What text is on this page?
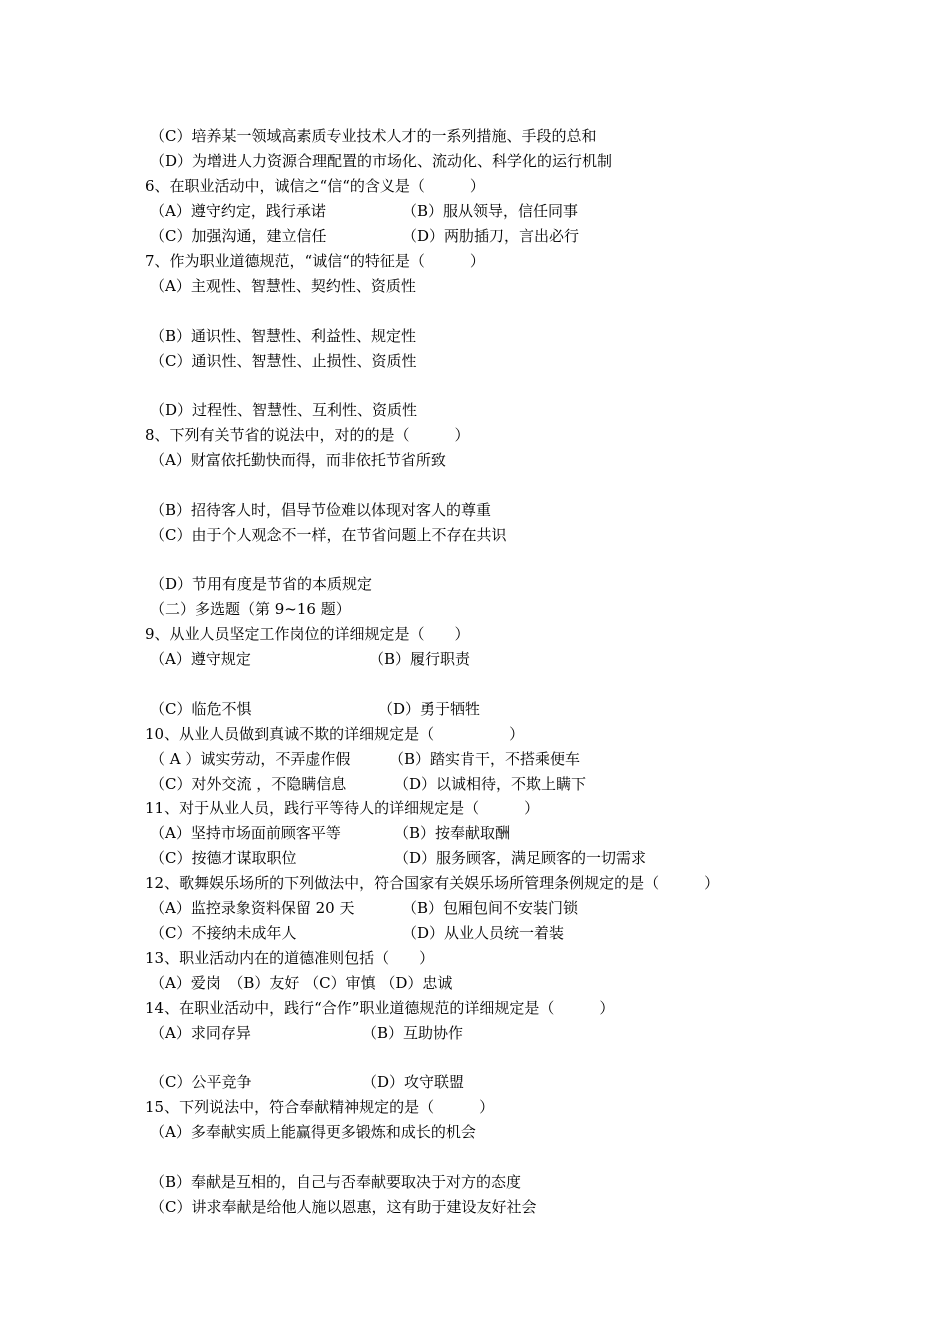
（C）培养某一领域高素质专业技术人才的一系列措施、手段的总和
（D）为增进人力资源合理配置的市场化、流动化、科学化的运行机制
6、在职业活动中，诚信之“信“的含义是（　　　）
（A）遵守约定，践行承诺	（B）服从领导，信任同事
（C）加强沟通，建立信任	（D）两肋插刀，言出必行
7、作为职业道德规范，“诚信“的特征是（　　　）
（A）主观性、智慧性、契约性、资质性
（B）通识性、智慧性、利益性、规定性
（C）通识性、智慧性、止损性、资质性
（D）过程性、智慧性、互利性、资质性
8、下列有关节省的说法中，对的的是（　　　）
（A）财富依托勤快而得，而非依托节省所致
（B）招待客人时，倡导节俭难以体现对客人的尊重
（C）由于个人观念不一样，在节省问题上不存在共识
（D）节用有度是节省的本质规定
（二）多选题（第 9~16 题）
9、从业人员坚定工作岗位的详细规定是（　　）
（A）遵守规定	（B）履行职责
（C）临危不惧	（D）勇于牺牲
10、从业人员做到真诚不欺的详细规定是（　　　　　）
（ A ）诚实劳动，不弄虚作假	（B）踏实肯干，不搭乘便车
（C）对外交流 ，不隐瞒信息	（D）以诚相待，不欺上瞒下
11、对于从业人员，践行平等待人的详细规定是（　　　）
（A）坚持市场面前顾客平等	（B）按奉献取酬
（C）按德才谋取职位	（D）服务顾客，满足顾客的一切需求
12、歌舞娱乐场所的下列做法中，符合国家有关娱乐场所管理条例规定的是（　　　）
（A）监控录象资料保留 20 天	（B）包厢包间不安装门锁
（C）不接纳未成年人	（D）从业人员统一着装
13、职业活动内在的道德准则包括（　　）
（A）爱岗　（B）友好 （C）审慎 （D）忠诚
14、在职业活动中，践行“合作”职业道德规范的详细规定是（　　　）
（A）求同存异	（B）互助协作
（C）公平竞争	（D）攻守联盟
15、下列说法中，符合奉献精神规定的是（　　　）
（A）多奉献实质上能赢得更多锻炼和成长的机会
（B）奉献是互相的，自己与否奉献要取决于对方的态度
（C）讲求奉献是给他人施以恩惠，这有助于建设友好社会
